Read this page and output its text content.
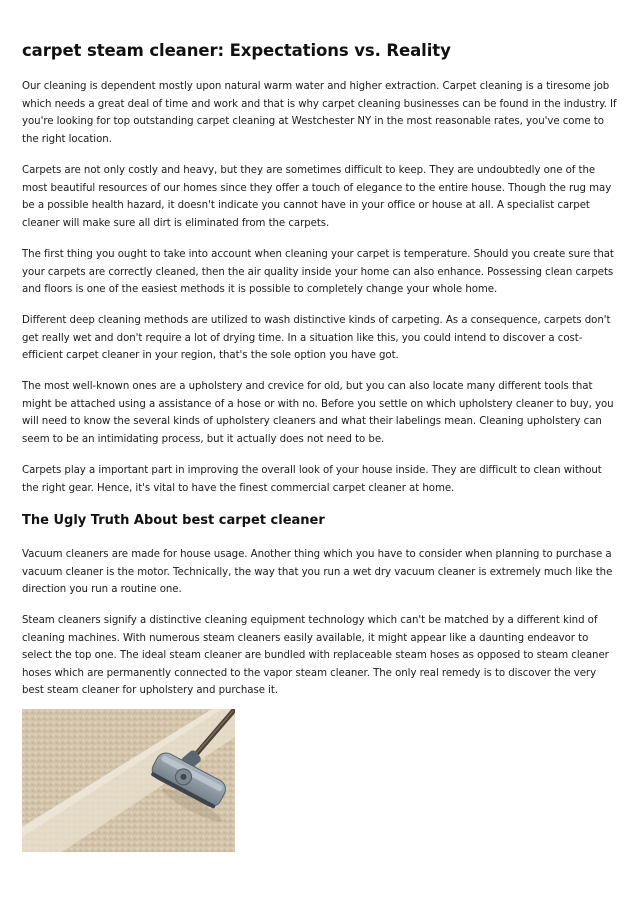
carpet steam cleaner: Expectations vs. Reality

Our cleaning is dependent mostly upon natural warm water and higher extraction. Carpet cleaning is a tiresome job which needs a great deal of time and work and that is why carpet cleaning businesses can be found in the industry. If you're looking for top outstanding carpet cleaning at Westchester NY in the most reasonable rates, you've come to the right location.

Carpets are not only costly and heavy, but they are sometimes difficult to keep. They are undoubtedly one of the most beautiful resources of our homes since they offer a touch of elegance to the entire house. Though the rug may be a possible health hazard, it doesn't indicate you cannot have in your office or house at all. A specialist carpet cleaner will make sure all dirt is eliminated from the carpets.

The first thing you ought to take into account when cleaning your carpet is temperature. Should you create sure that your carpets are correctly cleaned, then the air quality inside your home can also enhance. Possessing clean carpets and floors is one of the easiest methods it is possible to completely change your whole home.

Different deep cleaning methods are utilized to wash distinctive kinds of carpeting. As a consequence, carpets don't get really wet and don't require a lot of drying time. In a situation like this, you could intend to discover a cost-efficient carpet cleaner in your region, that's the sole option you have got.

The most well-known ones are a upholstery and crevice for old, but you can also locate many different tools that might be attached using a assistance of a hose or with no. Before you settle on which upholstery cleaner to buy, you will need to know the several kinds of upholstery cleaners and what their labelings mean. Cleaning upholstery can seem to be an intimidating process, but it actually does not need to be.

Carpets play a important part in improving the overall look of your house inside. They are difficult to clean without the right gear. Hence, it's vital to have the finest commercial carpet cleaner at home.

The Ugly Truth About best carpet cleaner

Vacuum cleaners are made for house usage. Another thing which you have to consider when planning to purchase a vacuum cleaner is the motor. Technically, the way that you run a wet dry vacuum cleaner is extremely much like the direction you run a routine one.

Steam cleaners signify a distinctive cleaning equipment technology which can't be matched by a different kind of cleaning machines. With numerous steam cleaners easily available, it might appear like a daunting endeavor to select the top one. The ideal steam cleaner are bundled with replaceable steam hoses as opposed to steam cleaner hoses which are permanently connected to the vapor steam cleaner. The only real remedy is to discover the very best steam cleaner for upholstery and purchase it.
